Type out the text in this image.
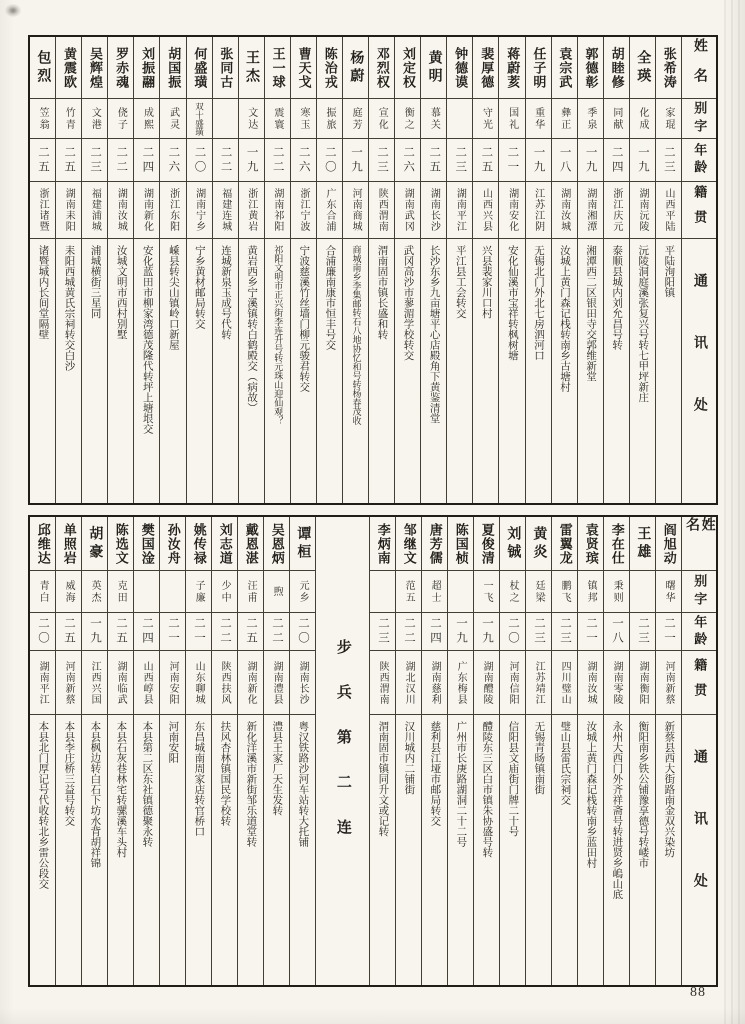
姓名
别字
年龄
籍贯
通讯处
张希涛
家琨
二三
山西平陆
平陆洵阳镇
全瑛
化成
一九
湖南沅陵
沅陵洞庭溪张复兴号转七甲坪新庄
胡睦修
同献
二四
浙江庆元
泰顺县城内刘允昌号转
郭德彰
季泉
一九
湖南湘潭
湘潭西二区银田寺交郭维新堂
袁宗武
彝正
一八
湖南汝城
汝城上黄门森记栈转南乡古塘村
任子明
重华
一九
江苏江阴
无锡北门外北七房泗河口
蒋蔚荄
国礼
二一
湖南安化
安化仙溪市宝祥转枫树塘
裴厚德
守光
二五
山西兴县
兴县裴家川口村
钟德谟
二三
湖南平江
平江县工会转交
黄明
慕关
二五
湖南长沙
长沙东乡九亩塘平心店殿角下黄鉴清堂
刘定权
衡之
二六
湖南武冈
武冈高沙市蓼湄学校转交
邓烈权
宣化
二三
陕西渭南
渭南固市镇长盛和转
杨蔚
庭芳
一九
河南商城
商城南乡李集邮转石八地协忆和号转杨春茂收
陈治戎
振旅
二〇
广东合浦
合浦廉南康市恒丰号交
曹天戈
寒玉
二六
浙江宁波
宁波慈溪竹丝墙门柳元骏君转交
王一球
震寰
二二
湖南祁阳
祁阳文明市正兴街李连升号转元珠山迎仙观？
王杰
文达
一九
浙江黄岩
黄岩西乡宁溪镇转白鹤殿交（病故）
张同古
二二
福建连城
连城新泉玉成号代转
何盛璜
双十盛璜
二〇
湖南宁乡
宁乡黄材邮局转交
胡国振
武灵
二六
浙江东阳
嵊县转尖山镇岭口新屋
刘振翮
成熙
二四
湖南新化
安化蓝田市柳家湾德茂隆代转坪上塘垠交
罗赤魂
侥子
二二
湖南汝城
汝城文明市西村别墅
吴辉煌
文港
二三
福建浦城
浦城横街三星同
黄震欧
竹青
二五
湖南耒阳
耒阳西城黄氏宗祠转交白沙
包烈
笠翁
二五
浙江诸暨
诸暨城内长间堂隔壁
姓名
别字
年龄
籍贯
通讯处
阎旭动
曙华
二一
河南新蔡
新蔡县西大街路南金双兴染坊
王雄
二三
湖南衡阳
衡阳南乡铁公铺豫享德号转嵝市
李在仕
秉则
一八
湖南零陵
永州大西门外齐祥斋号转进贤乡嵨山底
袁贤瑸
镇邦
二一
湖南汝城
汝城上黄门森记栈转南乡蓝田村
雷翼龙
鹏飞
二三
四川璧山
璧山县雷氏宗祠交
黄炎
廷梁
二三
江苏靖江
无锡青旸镇南街
刘铖
杖之
二〇
河南信阳
信阳县文庙街门牌二十号
夏俊清
一飞
一九
湖南醴陵
醴陵东三区白市镇朱协盛号转
陈国桢
一九
广东梅县
广州市长庚路湖洞二十二号
唐芳儒
超士
二四
湖南慈利
慈利县江垭市邮局转交
邹继文
范五
二二
湖北汉川
汉川城内二铺街
李炳南
二三
陕西渭南
渭南固市镇同升文或记转
步兵第二连
谭桓
元乡
二〇
湖南长沙
粤汉铁路沙河车站转大托铺
吴恩炳
煦
二二
湖南澧县
澧县王家厂天生发转
戴恩湛
汪甫
二五
湖南新化
新化洋溪市新街邹乐道堂转
刘志道
少中
二二
陕西扶风
扶风杏林镇国民学校转
姚传禄
子廉
二一
山东聊城
东昌城南周家店转官桥口
孙汝舟
二一
河南安阳
河南安阳
樊国淦
二四
山西崞县
本县第二区东社镇德聚永转
陈选文
克田
二五
湖南临武
本县石灰巷林宅转骡溪车头村
胡豪
英杰
一九
江西兴国
本县枫边转白石下坊水背胡祥锦
单照岩
威海
二五
河南新蔡
本县李庄桥三益号转交
邱维达
青白
二〇
湖南平江
本县北门厚记号代收转北乡雷公段交
88
